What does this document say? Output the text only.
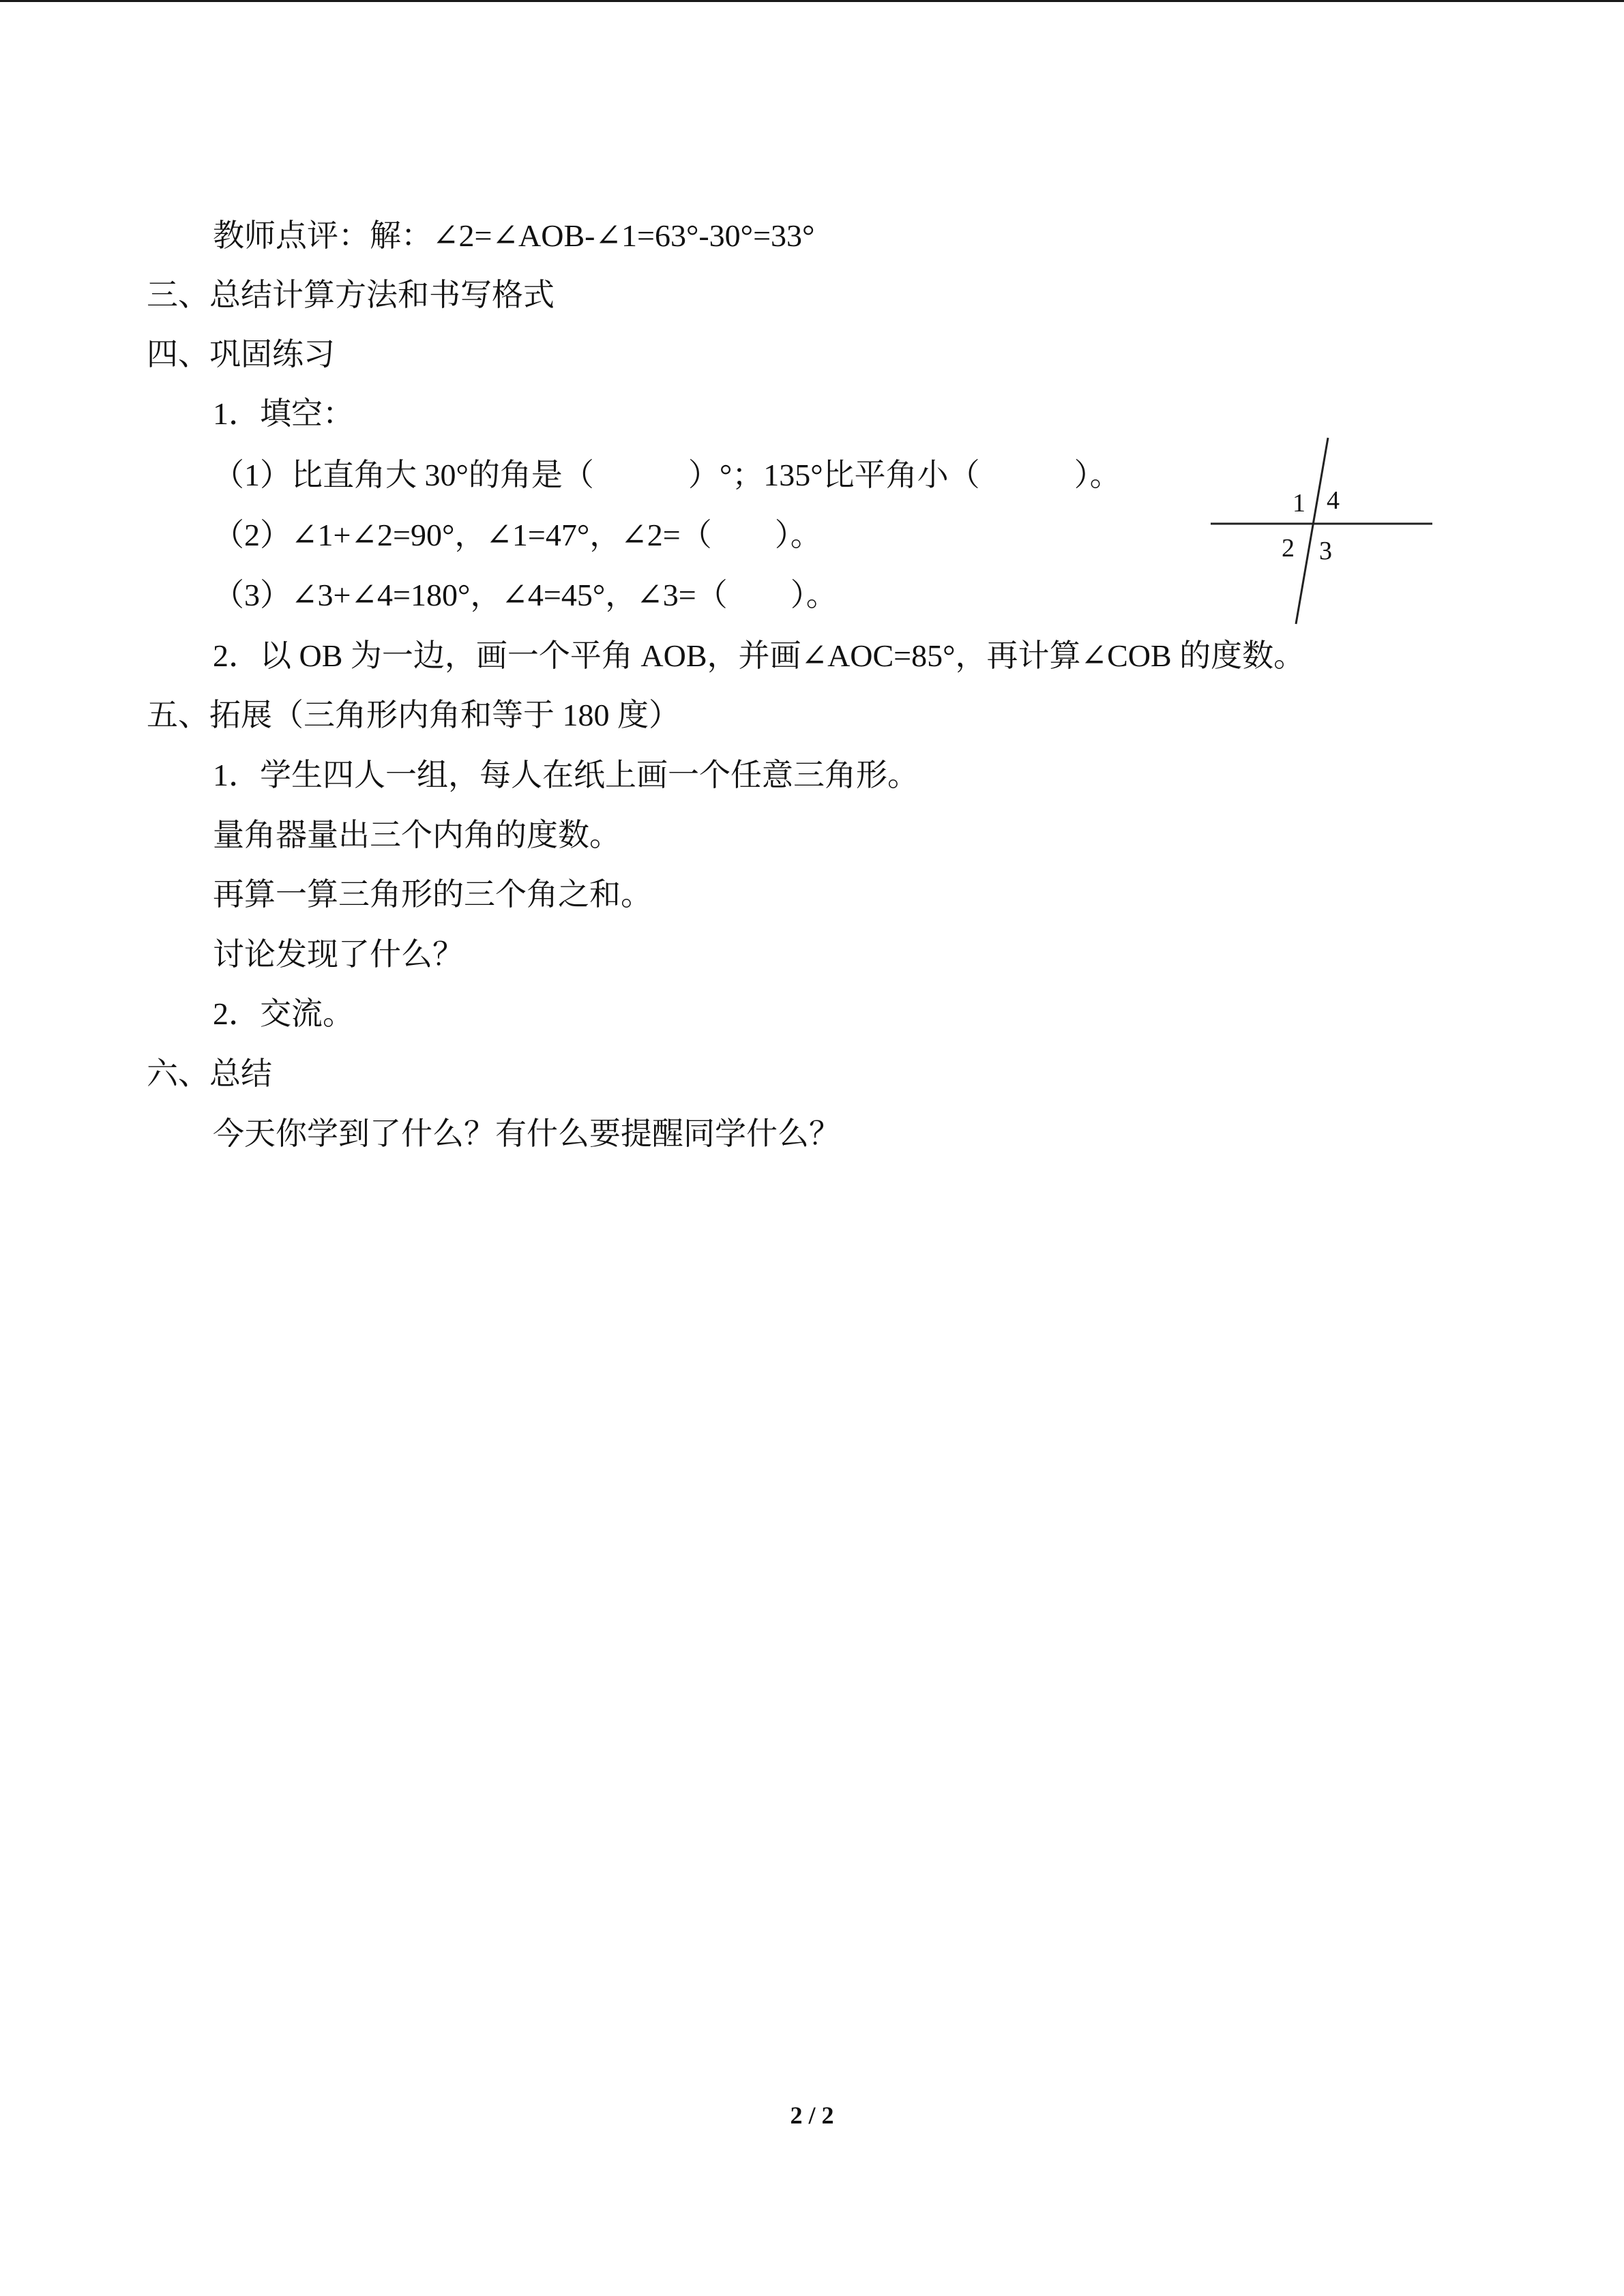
教师点评：解：∠2=∠AOB-∠1=63°-30°=33°
三、总结计算方法和书写格式
四、巩固练习
1．填空：
（1）比直角大 30°的角是（　　　）°；135°比平角小（　　　）。
（2）∠1+∠2=90°，∠1=47°，∠2=（　　）。
（3）∠3+∠4=180°，∠4=45°，∠3=（　　）。
2．以 OB 为一边，画一个平角 AOB，并画∠AOC=85°，再计算∠COB 的度数。
五、拓展（三角形内角和等于 180 度）
1．学生四人一组，每人在纸上画一个任意三角形。
量角器量出三个内角的度数。
再算一算三角形的三个角之和。
讨论发现了什么？
2．交流。
六、总结
今天你学到了什么？有什么要提醒同学什么？
1 4
2 3
2 / 2
